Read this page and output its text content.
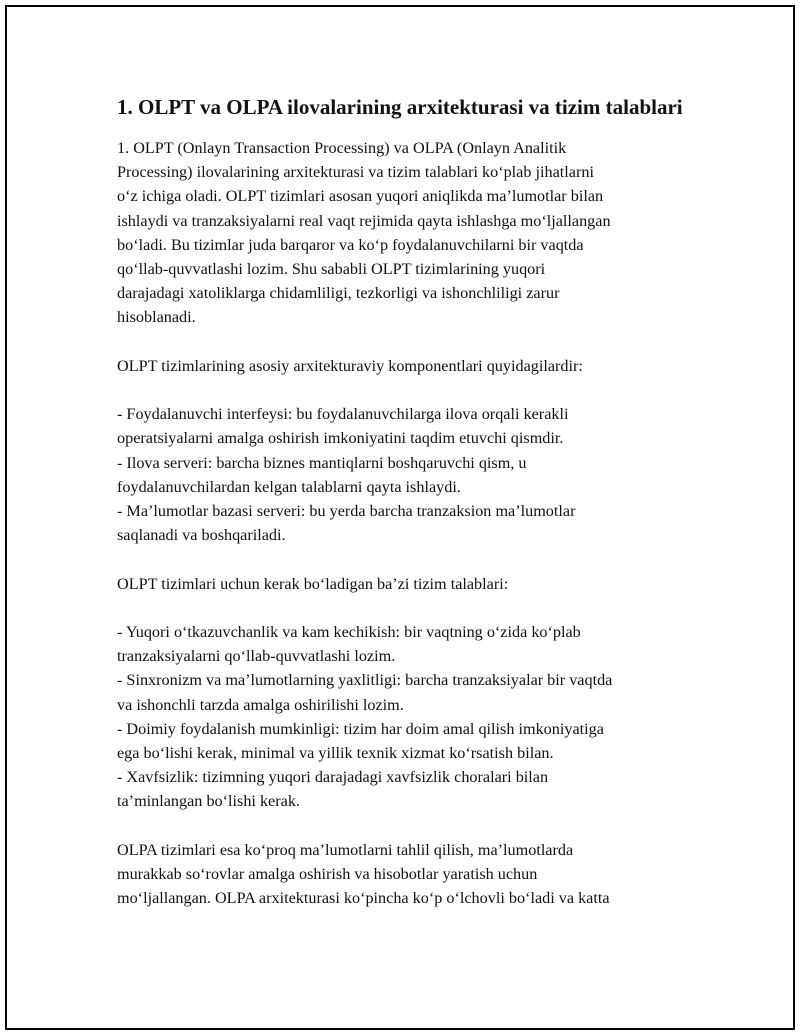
1. OLPT va OLPA ilovalarining arxitekturasi va tizim talablari
1. OLPT (Onlayn Transaction Processing) va OLPA (Onlayn Analitik
Processing) ilovalarining arxitekturasi va tizim talablari koʻplab jihatlarni
oʻz ichiga oladi. OLPT tizimlari asosan yuqori aniqlikda maʼlumotlar bilan
ishlaydi va tranzaksiyalarni real vaqt rejimida qayta ishlashga moʻljallangan
boʻladi. Bu tizimlar juda barqaror va koʻp foydalanuvchilarni bir vaqtda
qoʻllab-quvvatlashi lozim. Shu sababli OLPT tizimlarining yuqori
darajadagi xatoliklarga chidamliligi, tezkorligi va ishonchliligi zarur
hisoblanadi.
OLPT tizimlarining asosiy arxitekturaviy komponentlari quyidagilardir:
- Foydalanuvchi interfeysi: bu foydalanuvchilarga ilova orqali kerakli
operatsiyalarni amalga oshirish imkoniyatini taqdim etuvchi qismdir.
- Ilova serveri: barcha biznes mantiqlarni boshqaruvchi qism, u
foydalanuvchilardan kelgan talablarni qayta ishlaydi.
- Maʼlumotlar bazasi serveri: bu yerda barcha tranzaksion maʼlumotlar
saqlanadi va boshqariladi.
OLPT tizimlari uchun kerak boʻladigan baʼzi tizim talablari:
- Yuqori oʻtkazuvchanlik va kam kechikish: bir vaqtning oʻzida koʻplab
tranzaksiyalarni qoʻllab-quvvatlashi lozim.
- Sinxronizm va maʼlumotlarning yaxlitligi: barcha tranzaksiyalar bir vaqtda
va ishonchli tarzda amalga oshirilishi lozim.
- Doimiy foydalanish mumkinligi: tizim har doim amal qilish imkoniyatiga
ega boʻlishi kerak, minimal va yillik texnik xizmat koʻrsatish bilan.
- Xavfsizlik: tizimning yuqori darajadagi xavfsizlik choralari bilan
taʼminlangan boʻlishi kerak.
OLPA tizimlari esa koʻproq maʼlumotlarni tahlil qilish, maʼlumotlarda
murakkab soʻrovlar amalga oshirish va hisobotlar yaratish uchun
moʻljallangan. OLPA arxitekturasi koʻpincha koʻp oʻlchovli boʻladi va katta
